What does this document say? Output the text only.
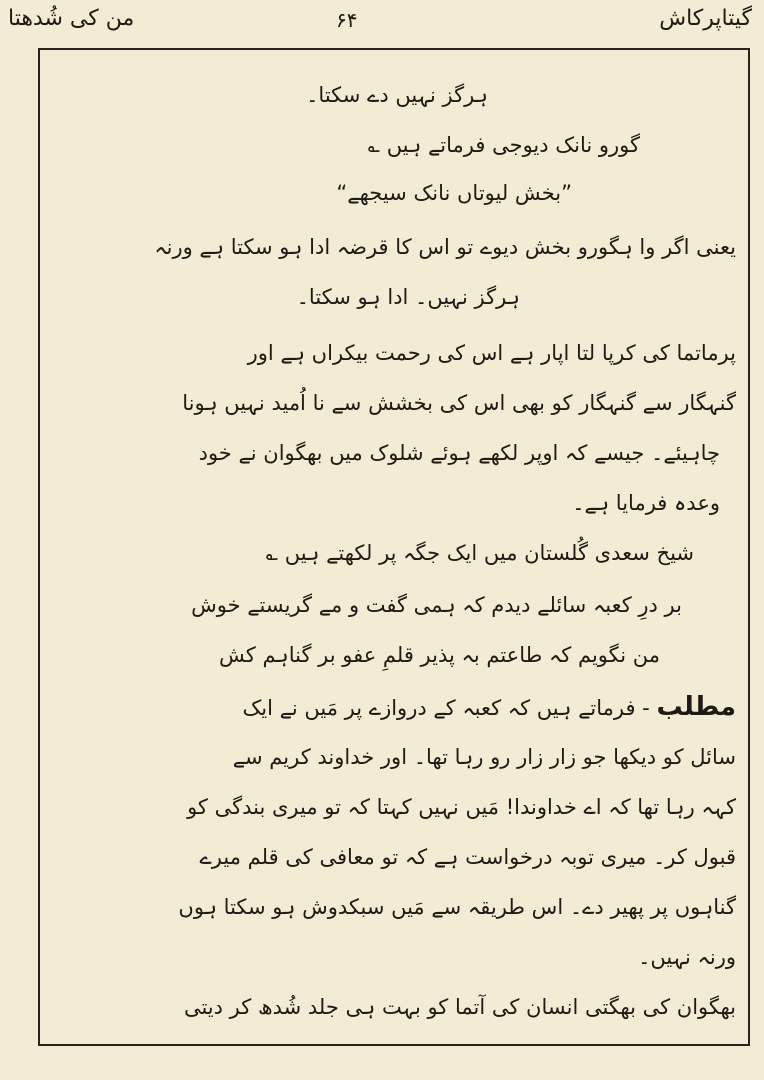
من کی شُدھتا	۶۴	گیتاپرکاش
ہرگز نہیں دے سکتا۔
گورو نانک دیوجی فرماتے ہیں ؎
”بخش لیوتاں نانک سیجھے“
یعنی اگر وا ہگورو بخش دیوے تو اس کا قرضہ ادا ہو سکتا ہے ورنہ
ہرگز نہیں۔ ادا ہو سکتا۔
پرماتما کی کرپا لتا اپار ہے اس کی رحمت بیکراں ہے اور
گنہگار سے گنہگار کو بھی اس کی بخشش سے نا اُمید نہیں ہونا
چاہیئے۔ جیسے کہ اوپر لکھے ہوئے شلوک میں بھگوان نے خود
وعدہ فرمایا ہے۔
شیخ سعدی گُلستان میں ایک جگہ پر لکھتے ہیں ؎
بر درِ کعبہ سائلے دیدم کہ ہمی گفت و مے گریستے خوش
من نگویم کہ طاعتم بہ پذیر قلمِ عفو بر گناہم کش
مطلب - فرماتے ہیں کہ کعبہ کے دروازے پر مَیں نے ایک
سائل کو دیکھا جو زار زار رو رہا تھا۔ اور خداوند کریم سے
کہہ رہا تھا کہ اے خداوندا! مَیں نہیں کہتا کہ تو میری بندگی کو
قبول کر۔ میری توبہ درخواست ہے کہ تو معافی کی قلم میرے
گناہوں پر پھیر دے۔ اس طریقہ سے مَیں سبکدوش ہو سکتا ہوں
ورنہ نہیں۔
بھگوان کی بھگتی انسان کی آتما کو بہت ہی جلد شُدھ کر دیتی
